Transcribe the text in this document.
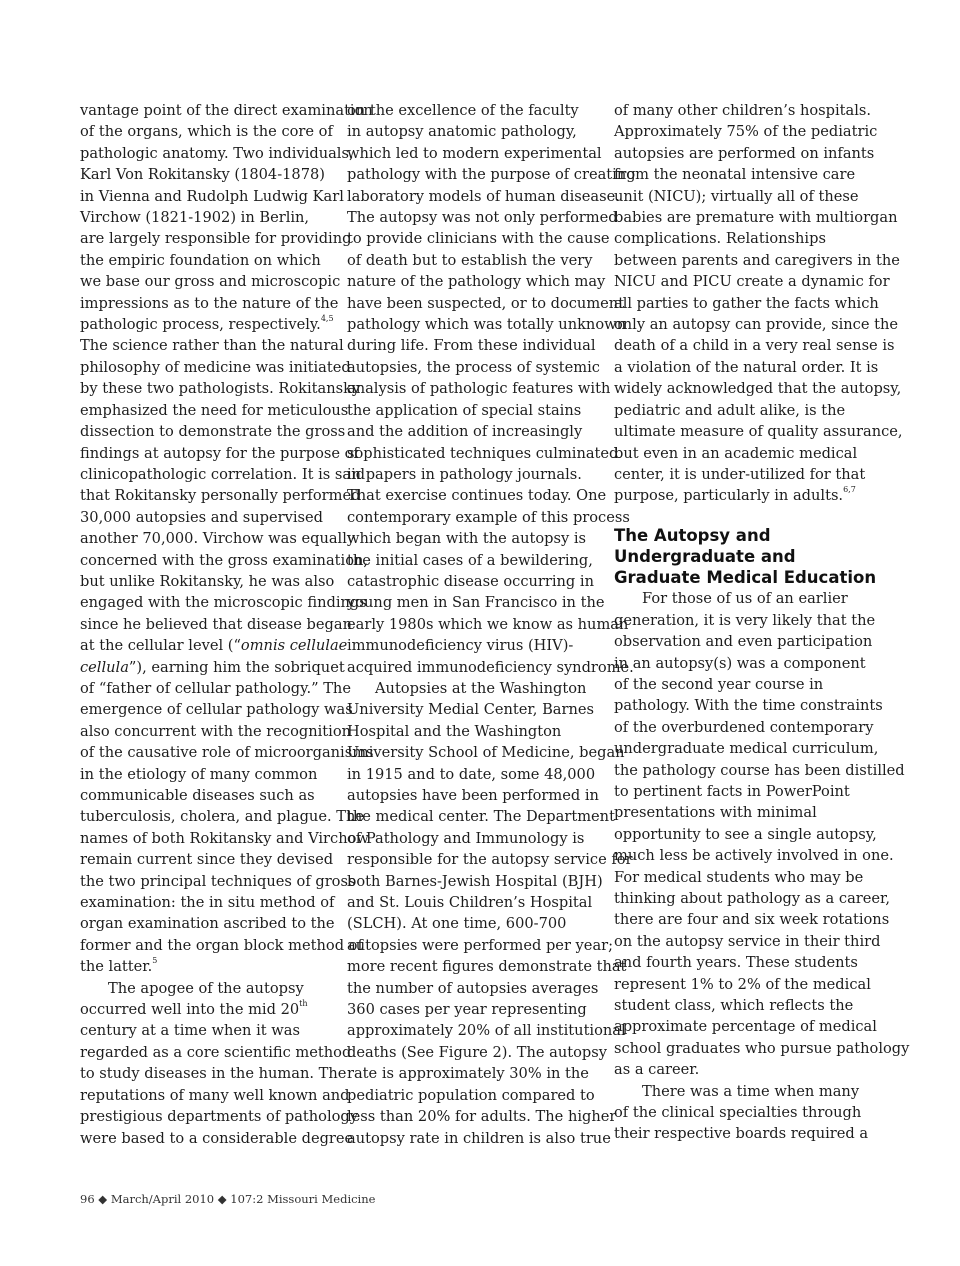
vantage point of the direct examination
of the organs, which is the core of
pathologic anatomy. Two individuals,
Karl Von Rokitansky (1804-1878)
in Vienna and Rudolph Ludwig Karl
Virchow (1821-1902) in Berlin,
are largely responsible for providing
the empiric foundation on which
we base our gross and microscopic
impressions as to the nature of the
pathologic process, respectively.$^{4,5}$
The science rather than the natural
philosophy of medicine was initiated
by these two pathologists. Rokitansky
emphasized the need for meticulous
dissection to demonstrate the gross
findings at autopsy for the purpose of
clinicopathologic correlation. It is said
that Rokitansky personally performed
30,000 autopsies and supervised
another 70,000. Virchow was equally
concerned with the gross examination,
but unlike Rokitansky, he was also
engaged with the microscopic findings
since he believed that disease began
at the cellular level (“omnis cellulae
cellula”), earning him the sobriquet
of “father of cellular pathology.” The
emergence of cellular pathology was
also concurrent with the recognition
of the causative role of microorganisms
in the etiology of many common
communicable diseases such as
tuberculosis, cholera, and plague. The
names of both Rokitansky and Virchow
remain current since they devised
the two principal techniques of gross
examination: the in situ method of
organ examination ascribed to the
former and the organ block method of
the latter.$^5$
The apogee of the autopsy
occurred well into the mid 20th
century at a time when it was
regarded as a core scientific method
to study diseases in the human. The
reputations of many well known and
prestigious departments of pathology
were based to a considerable degree
on the excellence of the faculty
in autopsy anatomic pathology,
which led to modern experimental
pathology with the purpose of creating
laboratory models of human disease.
The autopsy was not only performed
to provide clinicians with the cause
of death but to establish the very
nature of the pathology which may
have been suspected, or to document
pathology which was totally unknown
during life. From these individual
autopsies, the process of systemic
analysis of pathologic features with
the application of special stains
and the addition of increasingly
sophisticated techniques culminated
in papers in pathology journals.
That exercise continues today. One
contemporary example of this process
which began with the autopsy is
the initial cases of a bewildering,
catastrophic disease occurring in
young men in San Francisco in the
early 1980s which we know as human
immunodeficiency virus (HIV)-
acquired immunodeficiency syndrome.
Autopsies at the Washington
University Medial Center, Barnes
Hospital and the Washington
University School of Medicine, began
in 1915 and to date, some 48,000
autopsies have been performed in
the medical center. The Department
of Pathology and Immunology is
responsible for the autopsy service for
both Barnes-Jewish Hospital (BJH)
and St. Louis Children’s Hospital
(SLCH). At one time, 600-700
autopsies were performed per year;
more recent figures demonstrate that
the number of autopsies averages
360 cases per year representing
approximately 20% of all institutional
deaths (See Figure 2). The autopsy
rate is approximately 30% in the
pediatric population compared to
less than 20% for adults. The higher
autopsy rate in children is also true
of many other children’s hospitals.
Approximately 75% of the pediatric
autopsies are performed on infants
from the neonatal intensive care
unit (NICU); virtually all of these
babies are premature with multiorgan
complications. Relationships
between parents and caregivers in the
NICU and PICU create a dynamic for
all parties to gather the facts which
only an autopsy can provide, since the
death of a child in a very real sense is
a violation of the natural order. It is
widely acknowledged that the autopsy,
pediatric and adult alike, is the
ultimate measure of quality assurance,
but even in an academic medical
center, it is under-utilized for that
purpose, particularly in adults.$^{6,7}$
The Autopsy and
Undergraduate and
Graduate Medical Education
For those of us of an earlier
generation, it is very likely that the
observation and even participation
in an autopsy(s) was a component
of the second year course in
pathology. With the time constraints
of the overburdened contemporary
undergraduate medical curriculum,
the pathology course has been distilled
to pertinent facts in PowerPoint
presentations with minimal
opportunity to see a single autopsy,
much less be actively involved in one.
For medical students who may be
thinking about pathology as a career,
there are four and six week rotations
on the autopsy service in their third
and fourth years. These students
represent 1% to 2% of the medical
student class, which reflects the
approximate percentage of medical
school graduates who pursue pathology
as a career.
There was a time when many
of the clinical specialties through
their respective boards required a
96 ◆ March/April 2010 ◆ 107:2 Missouri Medicine
